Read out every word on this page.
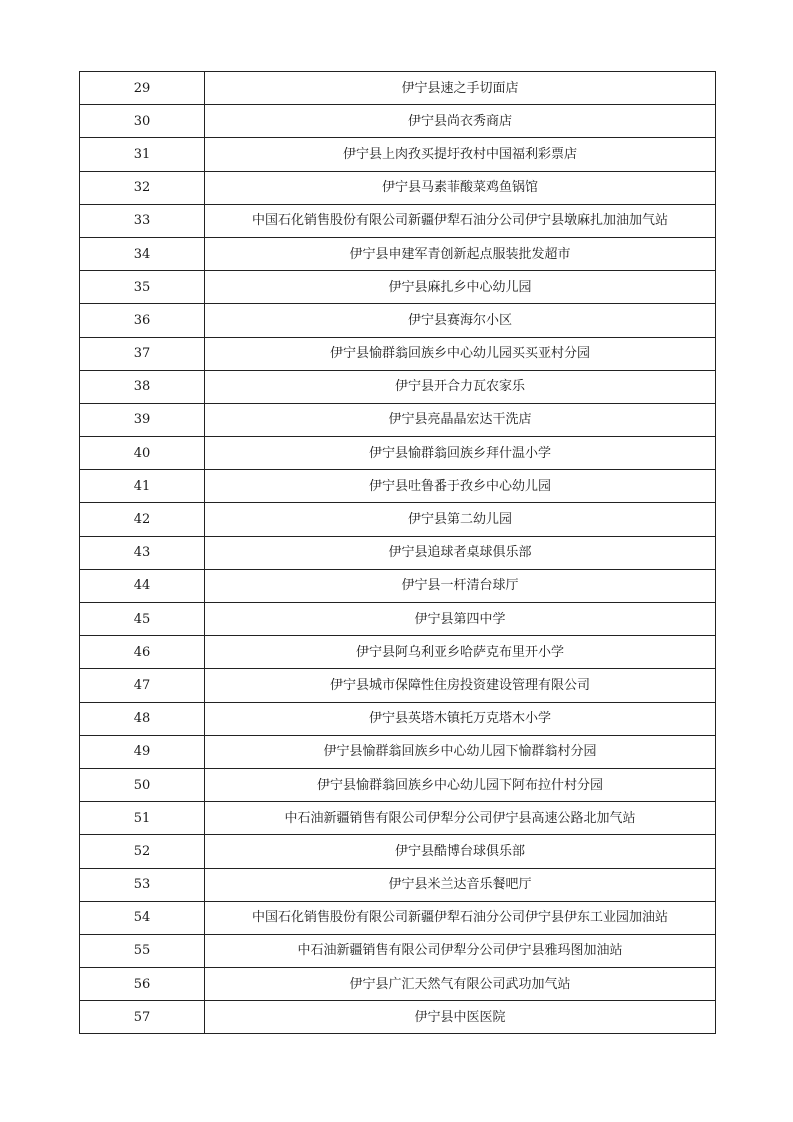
29	伊宁县速之手切面店
30	伊宁县尚衣秀商店
31	伊宁县上肉孜买提圩孜村中国福利彩票店
32	伊宁县马素菲酸菜鸡鱼锅馆
33	中国石化销售股份有限公司新疆伊犁石油分公司伊宁县墩麻扎加油加气站
34	伊宁县申建军青创新起点服装批发超市
35	伊宁县麻扎乡中心幼儿园
36	伊宁县赛海尔小区
37	伊宁县愉群翁回族乡中心幼儿园买买亚村分园
38	伊宁县开合力瓦农家乐
39	伊宁县亮晶晶宏达干洗店
40	伊宁县愉群翁回族乡拜什温小学
41	伊宁县吐鲁番于孜乡中心幼儿园
42	伊宁县第二幼儿园
43	伊宁县追球者桌球俱乐部
44	伊宁县一杆清台球厅
45	伊宁县第四中学
46	伊宁县阿乌利亚乡哈萨克布里开小学
47	伊宁县城市保障性住房投资建设管理有限公司
48	伊宁县英塔木镇托万克塔木小学
49	伊宁县愉群翁回族乡中心幼儿园下愉群翁村分园
50	伊宁县愉群翁回族乡中心幼儿园下阿布拉什村分园
51	中石油新疆销售有限公司伊犁分公司伊宁县高速公路北加气站
52	伊宁县酷博台球俱乐部
53	伊宁县米兰达音乐餐吧厅
54	中国石化销售股份有限公司新疆伊犁石油分公司伊宁县伊东工业园加油站
55	中石油新疆销售有限公司伊犁分公司伊宁县雅玛图加油站
56	伊宁县广汇天然气有限公司武功加气站
57	伊宁县中医医院
